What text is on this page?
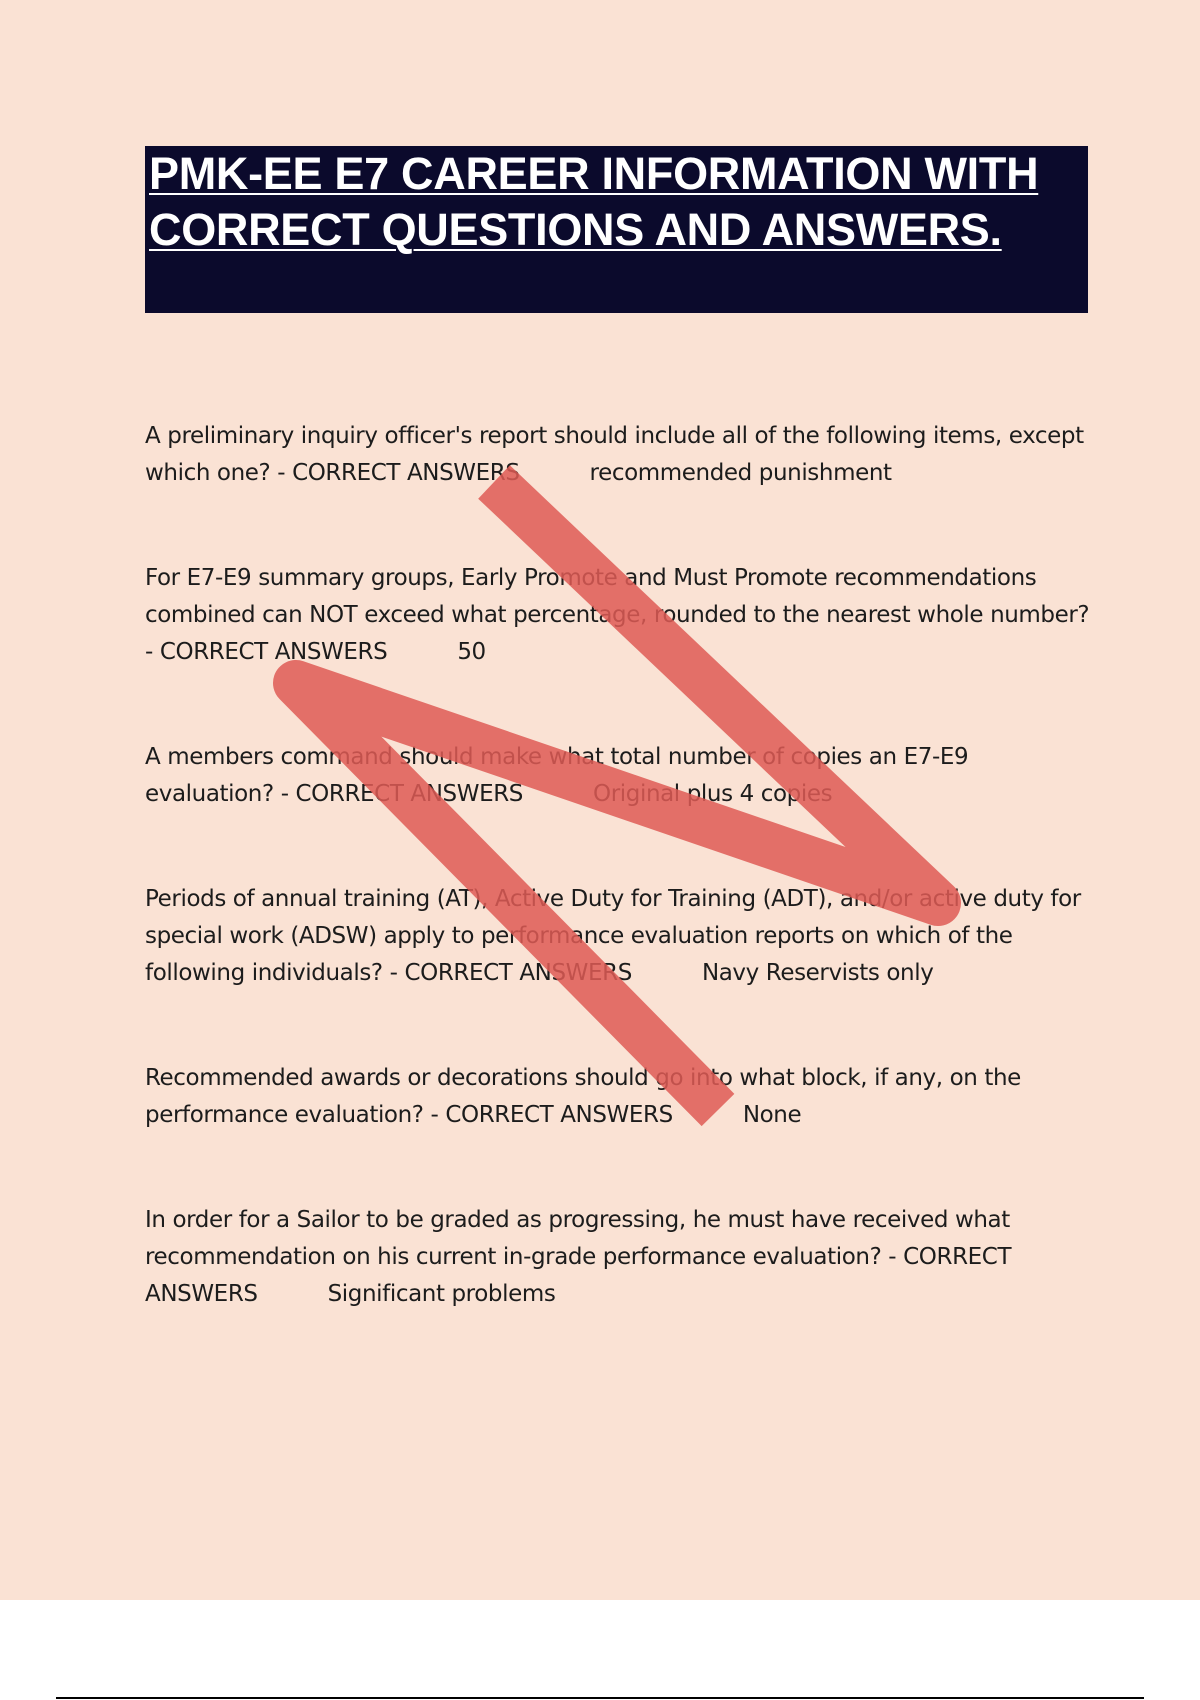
PMK-EE E7 CAREER INFORMATION WITH CORRECT QUESTIONS AND ANSWERS.
A preliminary inquiry officer's report should include all of the following items, except which one? - CORRECT ANSWERS	recommended punishment
For E7-E9 summary groups, Early Promote and Must Promote recommendations combined can NOT exceed what percentage, rounded to the nearest whole number? - CORRECT ANSWERS	50
A members command should make what total number of copies an E7-E9 evaluation? - CORRECT ANSWERS	Original plus 4 copies
Periods of annual training (AT), Active Duty for Training (ADT), and/or active duty for special work (ADSW) apply to performance evaluation reports on which of the following individuals? - CORRECT ANSWERS	Navy Reservists only
Recommended awards or decorations should go into what block, if any, on the performance evaluation? - CORRECT ANSWERS	None
In order for a Sailor to be graded as progressing, he must have received what recommendation on his current in-grade performance evaluation? - CORRECT ANSWERS	Significant problems
